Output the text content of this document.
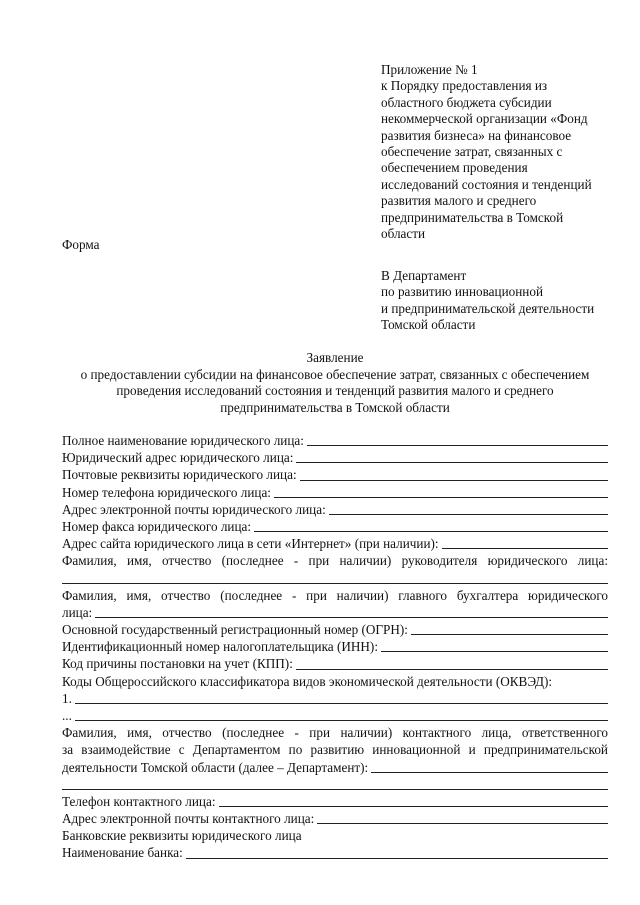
Приложение № 1
к Порядку предоставления из
областного бюджета субсидии
некоммерческой организации «Фонд
развития бизнеса» на финансовое
обеспечение затрат, связанных с
обеспечением проведения
исследований состояния и тенденций
развития малого и среднего
предпринимательства в Томской
области
Форма
В Департамент
по развитию инновационной
и предпринимательской деятельности
Томской области
Заявление
о предоставлении субсидии на финансовое обеспечение затрат, связанных с обеспечением
проведения исследований состояния и тенденций развития малого и среднего
предпринимательства в Томской области
Полное наименование юридического лица:
Юридический адрес юридического лица:
Почтовые реквизиты юридического лица:
Номер телефона юридического лица:
Адрес электронной почты юридического лица:
Номер факса юридического лица:
Адрес сайта юридического лица в сети «Интернет» (при наличии):
Фамилия, имя, отчество (последнее - при наличии) руководителя юридического лица:
Фамилия, имя, отчество (последнее - при наличии) главного бухгалтера юридического
лица:
Основной государственный регистрационный номер (ОГРН):
Идентификационный номер налогоплательщика (ИНН):
Код причины постановки на учет (КПП):
Коды Общероссийского классификатора видов экономической деятельности (ОКВЭД):
1.
...
Фамилия, имя, отчество (последнее - при наличии) контактного лица, ответственного
за взаимодействие с Департаментом по развитию инновационной и предпринимательской
деятельности Томской области (далее – Департамент):
Телефон контактного лица:
Адрес электронной почты контактного лица:
Банковские реквизиты юридического лица
Наименование банка:
